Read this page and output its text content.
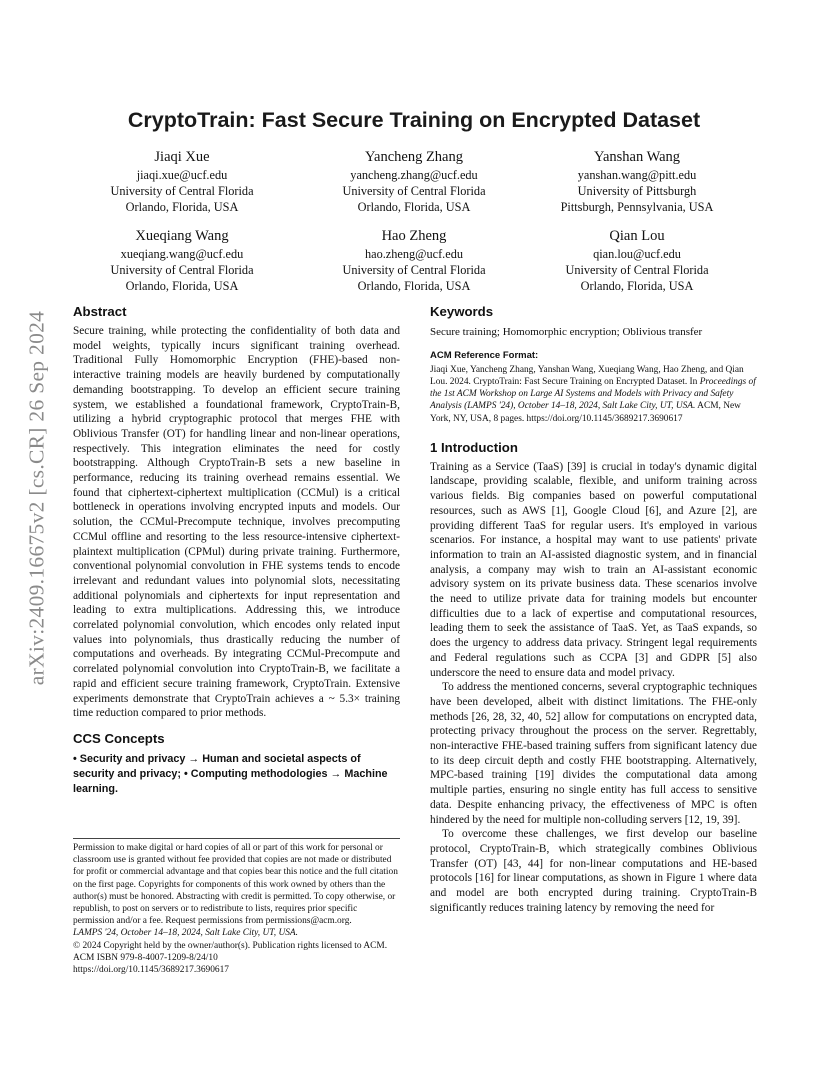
arXiv:2409.16675v2 [cs.CR] 26 Sep 2024
CryptoTrain: Fast Secure Training on Encrypted Dataset
Jiaqi Xue
jiaqi.xue@ucf.edu
University of Central Florida
Orlando, Florida, USA
Yancheng Zhang
yancheng.zhang@ucf.edu
University of Central Florida
Orlando, Florida, USA
Yanshan Wang
yanshan.wang@pitt.edu
University of Pittsburgh
Pittsburgh, Pennsylvania, USA
Xueqiang Wang
xueqiang.wang@ucf.edu
University of Central Florida
Orlando, Florida, USA
Hao Zheng
hao.zheng@ucf.edu
University of Central Florida
Orlando, Florida, USA
Qian Lou
qian.lou@ucf.edu
University of Central Florida
Orlando, Florida, USA
Abstract

Secure training, while protecting the confidentiality of both data and model weights, typically incurs significant training overhead. Traditional Fully Homomorphic Encryption (FHE)-based non-interactive training models are heavily burdened by computationally demanding bootstrapping. To develop an efficient secure training system, we established a foundational framework, CryptoTrain-B, utilizing a hybrid cryptographic protocol that merges FHE with Oblivious Transfer (OT) for handling linear and non-linear operations, respectively. This integration eliminates the need for costly bootstrapping. Although CryptoTrain-B sets a new baseline in performance, reducing its training overhead remains essential. We found that ciphertext-ciphertext multiplication (CCMul) is a critical bottleneck in operations involving encrypted inputs and models. Our solution, the CCMul-Precompute technique, involves precomputing CCMul offline and resorting to the less resource-intensive ciphertext-plaintext multiplication (CPMul) during private training. Furthermore, conventional polynomial convolution in FHE systems tends to encode irrelevant and redundant values into polynomial slots, necessitating additional polynomials and ciphertexts for input representation and leading to extra multiplications. Addressing this, we introduce correlated polynomial convolution, which encodes only related input values into polynomials, thus drastically reducing the number of computations and overheads. By integrating CCMul-Precompute and correlated polynomial convolution into CryptoTrain-B, we facilitate a rapid and efficient secure training framework, CryptoTrain. Extensive experiments demonstrate that CryptoTrain achieves a ~ 5.3× training time reduction compared to prior methods.

CCS Concepts

• Security and privacy → Human and societal aspects of security and privacy; • Computing methodologies → Machine learning.

Permission to make digital or hard copies of all or part of this work for personal or classroom use is granted without fee provided that copies are not made or distributed for profit or commercial advantage and that copies bear this notice and the full citation on the first page. Copyrights for components of this work owned by others than the author(s) must be honored. Abstracting with credit is permitted. To copy otherwise, or republish, to post on servers or to redistribute to lists, requires prior specific permission and/or a fee. Request permissions from permissions@acm.org.

LAMPS '24, October 14–18, 2024, Salt Lake City, UT, USA.

© 2024 Copyright held by the owner/author(s). Publication rights licensed to ACM.

ACM ISBN 979-8-4007-1209-8/24/10

https://doi.org/10.1145/3689217.3690617

Keywords

Secure training; Homomorphic encryption; Oblivious transfer

ACM Reference Format:

Jiaqi Xue, Yancheng Zhang, Yanshan Wang, Xueqiang Wang, Hao Zheng, and Qian Lou. 2024. CryptoTrain: Fast Secure Training on Encrypted Dataset. In Proceedings of the 1st ACM Workshop on Large AI Systems and Models with Privacy and Safety Analysis (LAMPS '24), October 14–18, 2024, Salt Lake City, UT, USA. ACM, New York, NY, USA, 8 pages. https://doi.org/10.1145/3689217.3690617

1 Introduction

Training as a Service (TaaS) [39] is crucial in today's dynamic digital landscape, providing scalable, flexible, and uniform training across various fields. Big companies based on powerful computational resources, such as AWS [1], Google Cloud [6], and Azure [2], are providing different TaaS for regular users. It's employed in various scenarios. For instance, a hospital may want to use patients' private information to train an AI-assisted diagnostic system, and in financial analysis, a company may wish to train an AI-assistant economic advisory system on its private business data. These scenarios involve the need to utilize private data for training models but encounter difficulties due to a lack of expertise and computational resources, leading them to seek the assistance of TaaS. Yet, as TaaS expands, so does the urgency to address data privacy. Stringent legal requirements and Federal regulations such as CCPA [3] and GDPR [5] also underscore the need to ensure data and model privacy.

To address the mentioned concerns, several cryptographic techniques have been developed, albeit with distinct limitations. The FHE-only methods [26, 28, 32, 40, 52] allow for computations on encrypted data, protecting privacy throughout the process on the server. Regrettably, non-interactive FHE-based training suffers from significant latency due to its deep circuit depth and costly FHE bootstrapping. Alternatively, MPC-based training [19] divides the computational data among multiple parties, ensuring no single entity has full access to sensitive data. Despite enhancing privacy, the effectiveness of MPC is often hindered by the need for multiple non-colluding servers [12, 19, 39].

To overcome these challenges, we first develop our baseline protocol, CryptoTrain-B, which strategically combines Oblivious Transfer (OT) [43, 44] for non-linear computations and HE-based protocols [16] for linear computations, as shown in Figure 1 where data and model are both encrypted during training. CryptoTrain-B significantly reduces training latency by removing the need for
